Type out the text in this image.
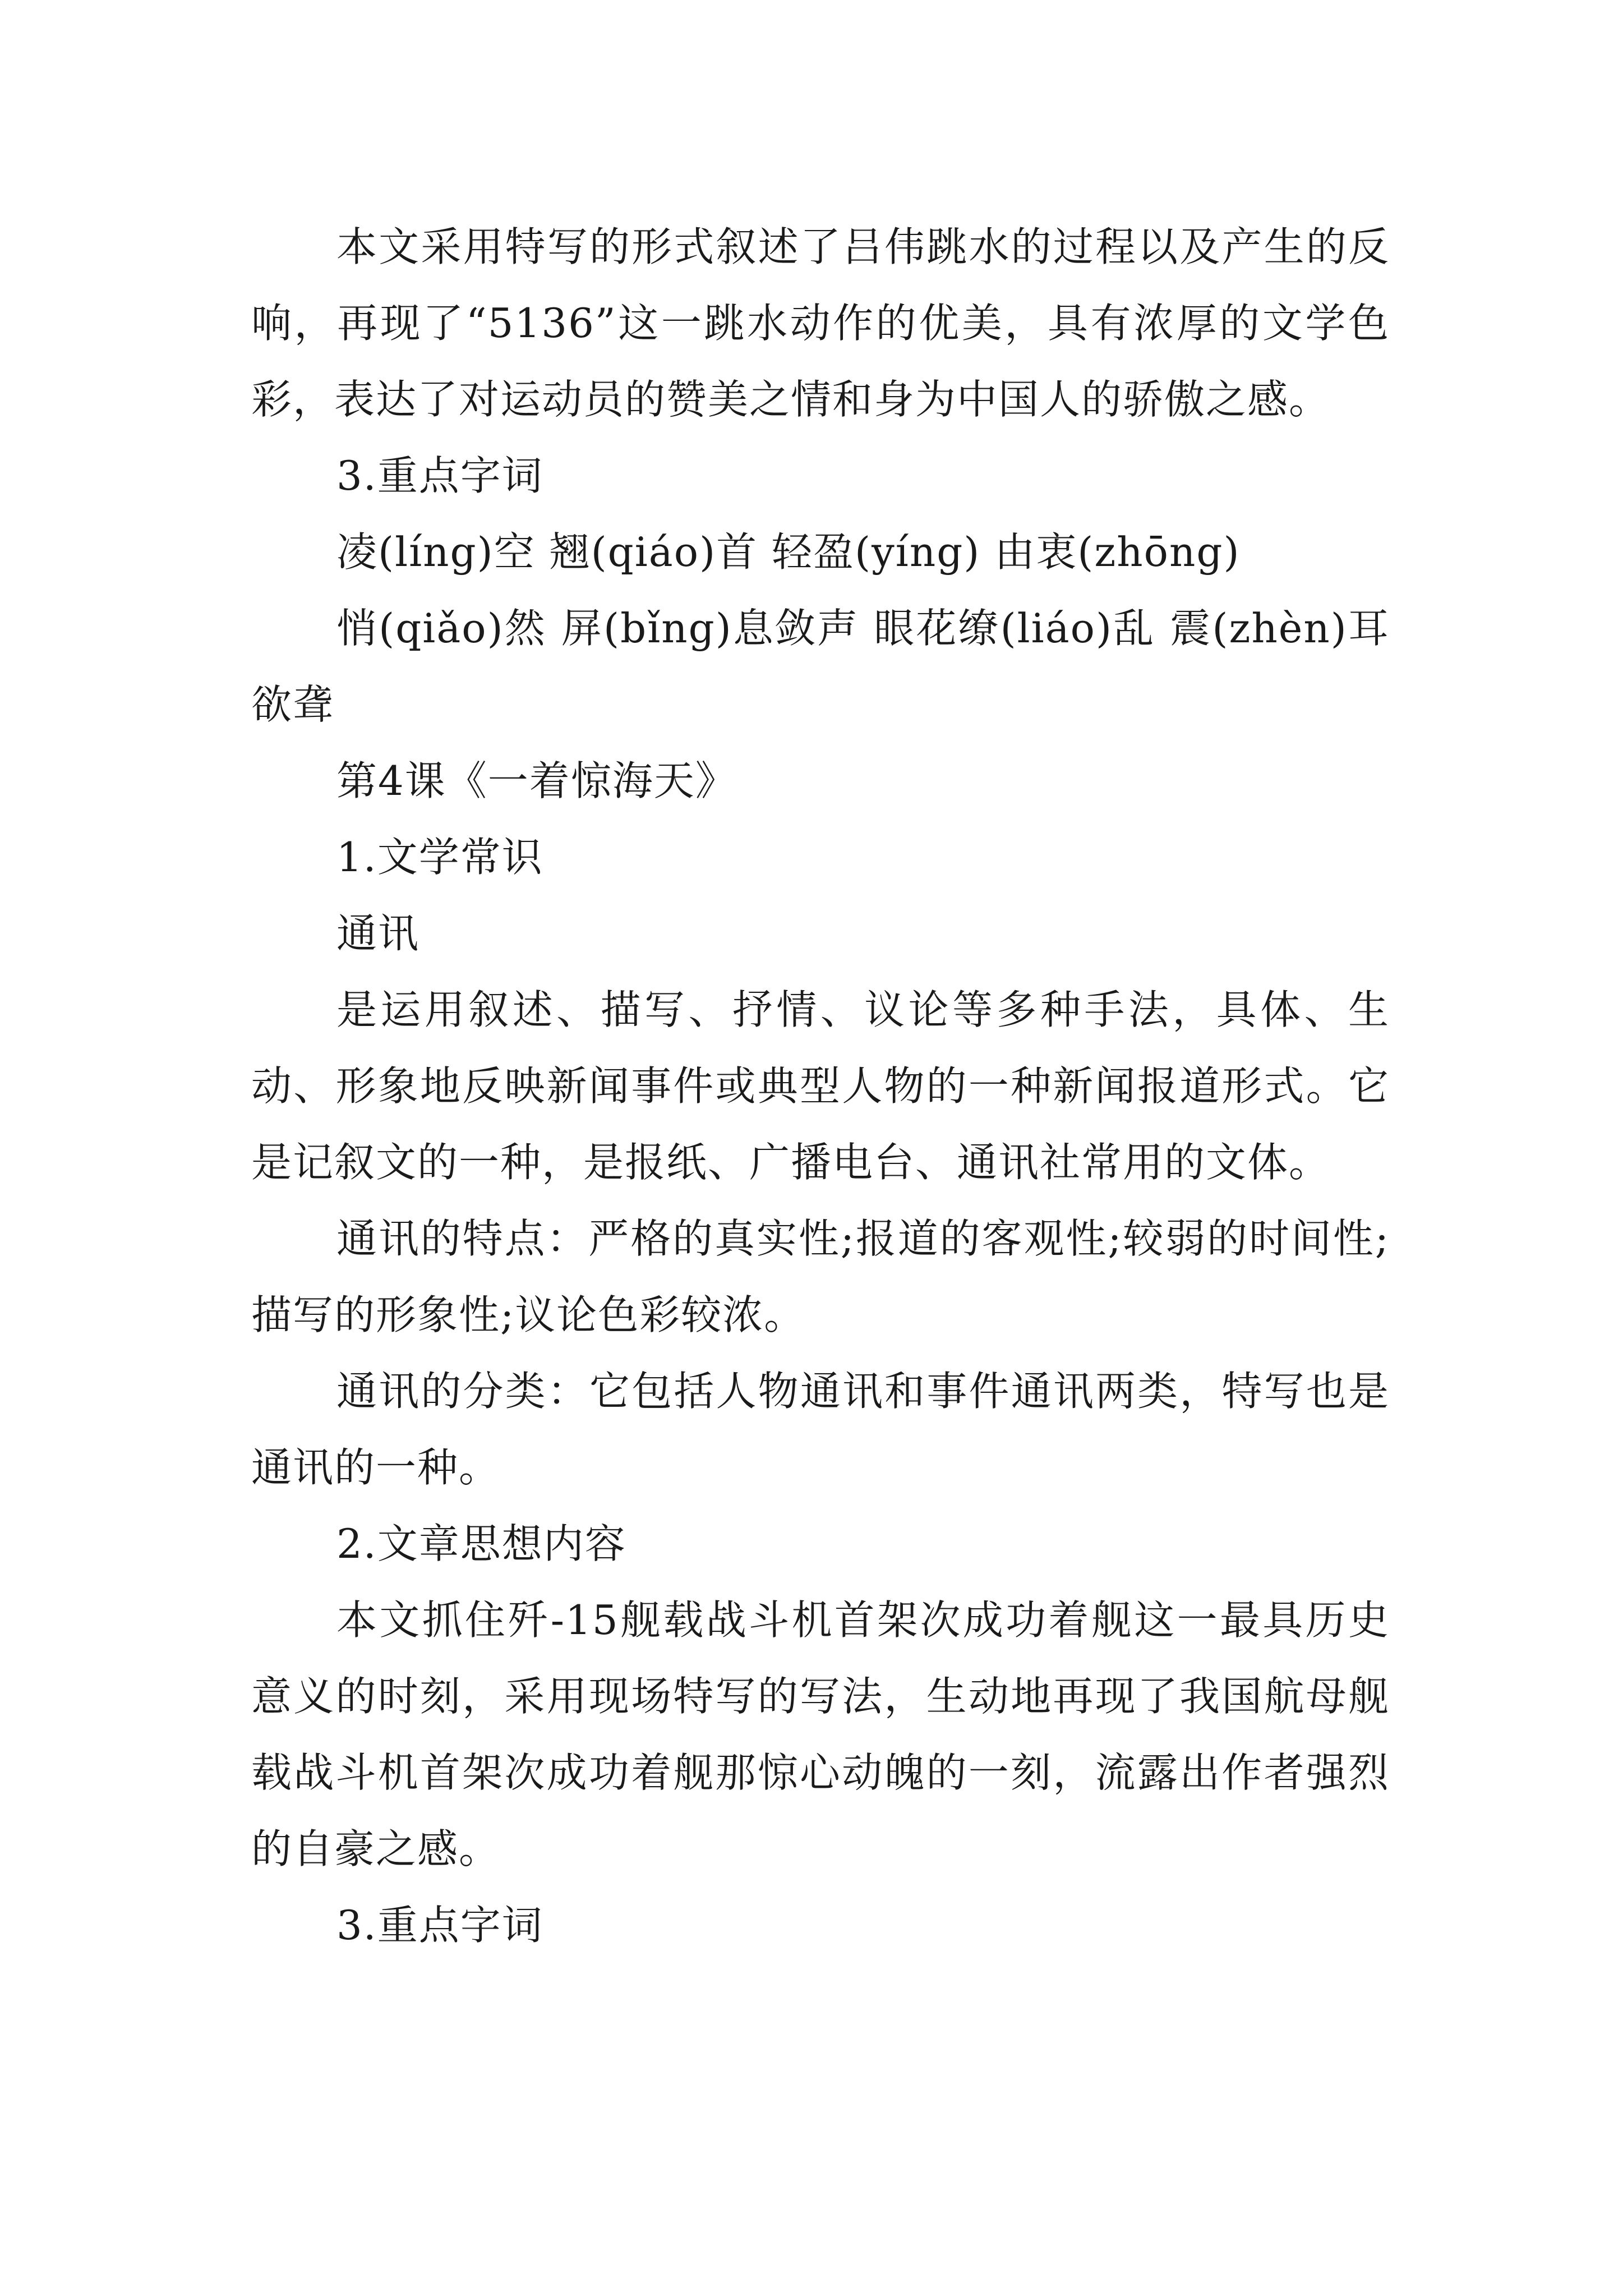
本文采用特写的形式叙述了吕伟跳水的过程以及产生的反响，再现了“5136”这一跳水动作的优美，具有浓厚的文学色彩，表达了对运动员的赞美之情和身为中国人的骄傲之感。

3.重点字词

凌(líng)空 翘(qiáo)首 轻盈(yíng) 由衷(zhōng)

悄(qiǎo)然 屏(bǐng)息敛声 眼花缭(liáo)乱 震(zhèn)耳欲聋

第4课《一着惊海天》

1.文学常识

通讯

是运用叙述、描写、抒情、议论等多种手法，具体、生动、形象地反映新闻事件或典型人物的一种新闻报道形式。它是记叙文的一种，是报纸、广播电台、通讯社常用的文体。

通讯的特点：严格的真实性;报道的客观性;较弱的时间性;描写的形象性;议论色彩较浓。

通讯的分类：它包括人物通讯和事件通讯两类，特写也是通讯的一种。

2.文章思想内容

本文抓住歼-15舰载战斗机首架次成功着舰这一最具历史意义的时刻，采用现场特写的写法，生动地再现了我国航母舰载战斗机首架次成功着舰那惊心动魄的一刻，流露出作者强烈的自豪之感。

3.重点字词
